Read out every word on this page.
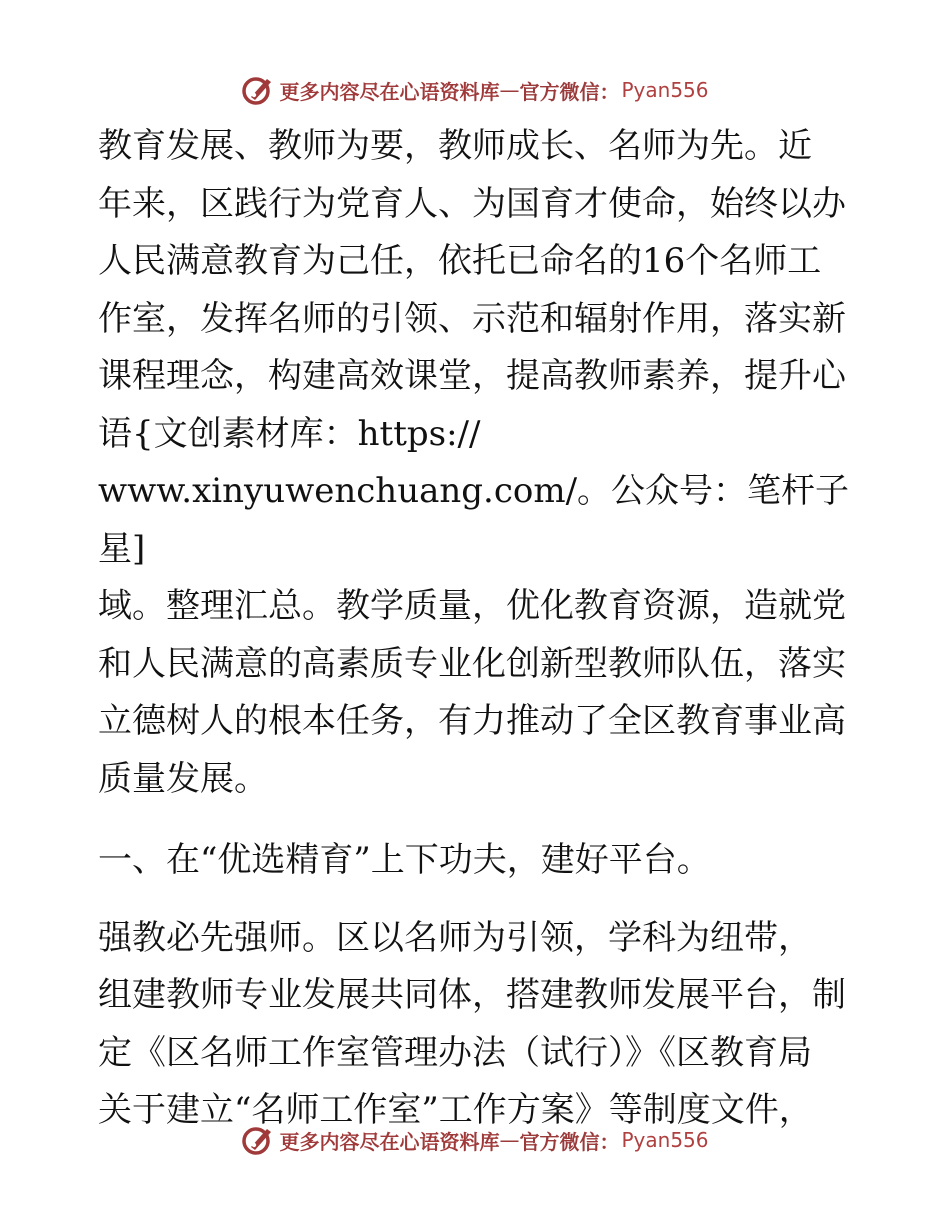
更多内容尽在心语资料库 — 官方微信： Pyan556

教育发展、教师为要，教师成长、名师为先。近
年来，区践行为党育人、为国育才使命，始终以办
人民满意教育为己任，依托已命名的16个名师工
作室，发挥名师的引领、示范和辐射作用，落实新
课程理念，构建高效课堂，提高教师素养，提升心
语{文创素材库：https://
www.xinyuwenchuang.com/。公众号：笔杆子星]
域。整理汇总。教学质量，优化教育资源，造就党
和人民满意的高素质专业化创新型教师队伍，落实
立德树人的根本任务，有力推动了全区教育事业高
质量发展。

一、在“优选精育”上下功夫，建好平台。

强教必先强师。区以名师为引领，学科为纽带，
组建教师专业发展共同体，搭建教师发展平台，制
定《区名师工作室管理办法（试行）》《区教育局
关于建立“名师工作室”工作方案》等制度文件，

更多内容尽在心语资料库 — 官方微信： Pyan556
